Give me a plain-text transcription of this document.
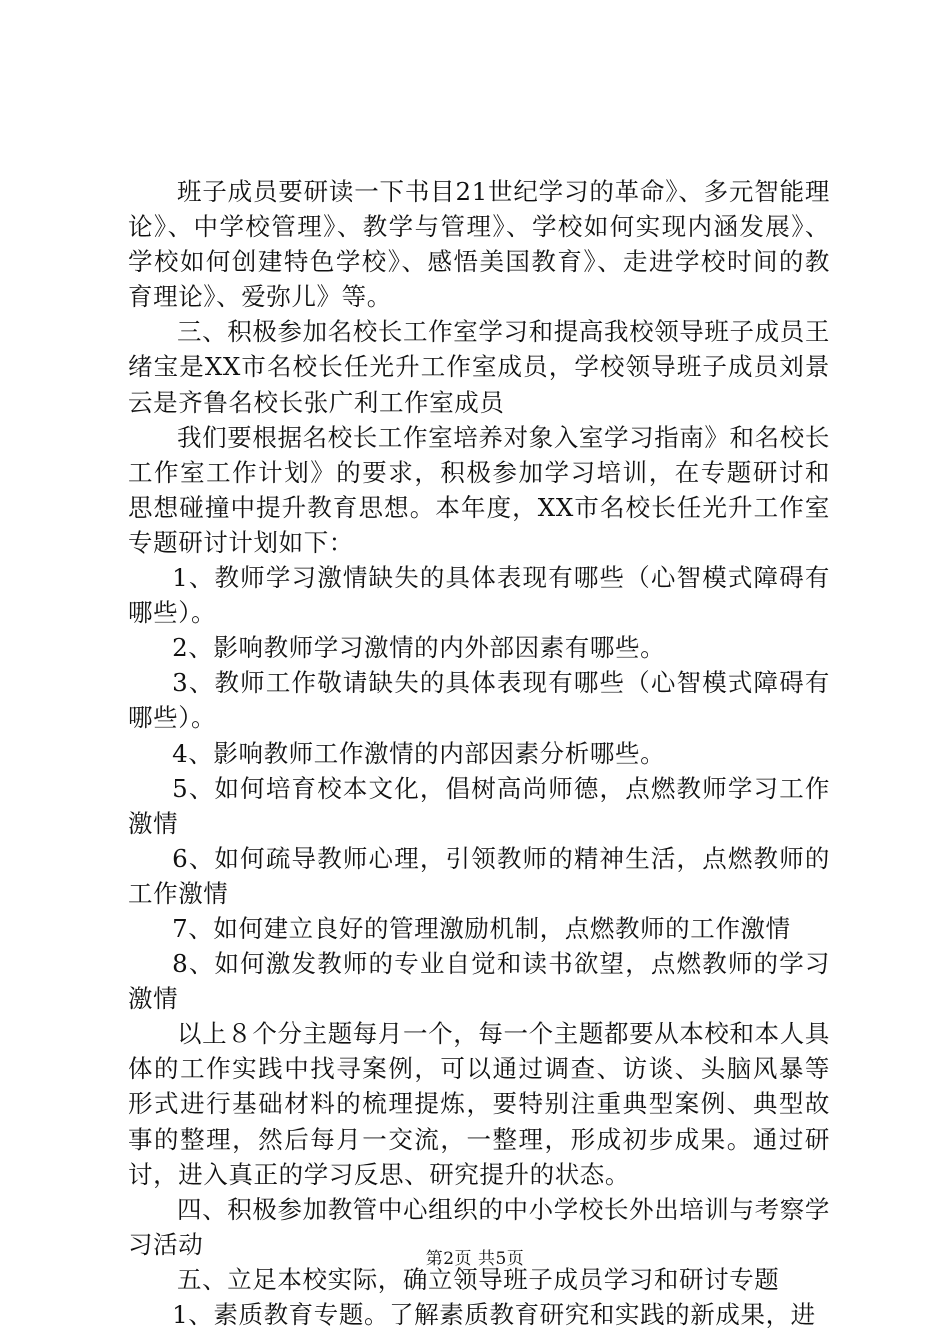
班子成员要研读一下书目21世纪学习的革命》、多元智能理论》、中学校管理》、教学与管理》、学校如何实现内涵发展》、学校如何创建特色学校》、感悟美国教育》、走进学校时间的教育理论》、爱弥儿》等。

三、积极参加名校长工作室学习和提高我校领导班子成员王绪宝是XX市名校长任光升工作室成员，学校领导班子成员刘景云是齐鲁名校长张广利工作室成员

我们要根据名校长工作室培养对象入室学习指南》和名校长工作室工作计划》的要求，积极参加学习培训，在专题研讨和思想碰撞中提升教育思想。本年度，XX市名校长任光升工作室专题研讨计划如下：

1、教师学习激情缺失的具体表现有哪些（心智模式障碍有哪些）。

2、影响教师学习激情的内外部因素有哪些。

3、教师工作敬请缺失的具体表现有哪些（心智模式障碍有哪些）。

4、影响教师工作激情的内部因素分析哪些。

5、如何培育校本文化，倡树高尚师德，点燃教师学习工作激情

6、如何疏导教师心理，引领教师的精神生活，点燃教师的工作激情

7、如何建立良好的管理激励机制，点燃教师的工作激情

8、如何激发教师的专业自觉和读书欲望，点燃教师的学习激情

以上８个分主题每月一个，每一个主题都要从本校和本人具体的工作实践中找寻案例，可以通过调查、访谈、头脑风暴等形式进行基础材料的梳理提炼，要特别注重典型案例、典型故事的整理，然后每月一交流，一整理，形成初步成果。通过研讨，进入真正的学习反思、研究提升的状态。

四、积极参加教管中心组织的中小学校长外出培训与考察学习活动

五、立足本校实际，确立领导班子成员学习和研讨专题

1、素质教育专题。了解素质教育研究和实践的新成果，进

第2页 共5页
